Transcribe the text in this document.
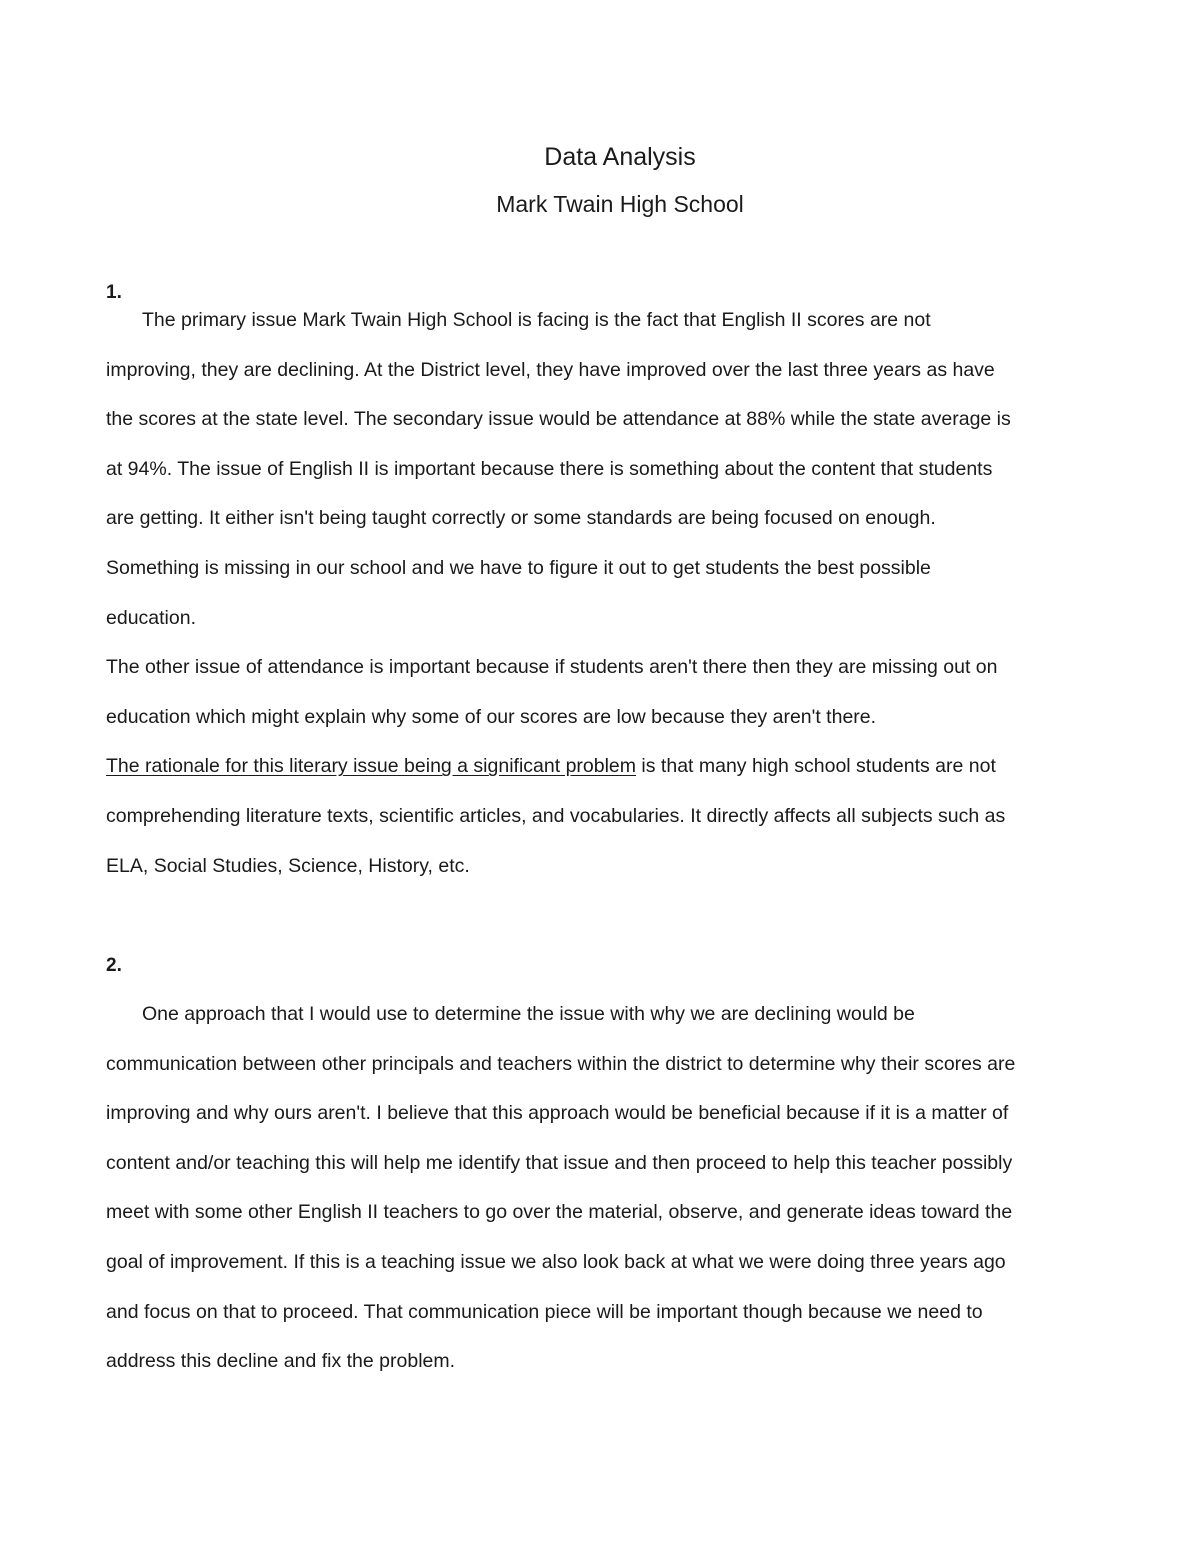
Data Analysis
Mark Twain High School
1.
The primary issue Mark Twain High School is facing is the fact that English II scores are not
improving, they are declining. At the District level, they have improved over the last three years as have
the scores at the state level. The secondary issue would be attendance at 88% while the state average is
at 94%. The issue of English II is important because there is something about the content that students
are getting. It either isn't being taught correctly or some standards are being focused on enough.
Something is missing in our school and we have to figure it out to get students the best possible
education.
The other issue of attendance is important because if students aren't there then they are missing out on
education which might explain why some of our scores are low because they aren't there.
The rationale for this literary issue being a significant problem is that many high school students are not
comprehending literature texts, scientific articles, and vocabularies. It directly affects all subjects such as
ELA, Social Studies, Science, History, etc.
2.
One approach that I would use to determine the issue with why we are declining would be
communication between other principals and teachers within the district to determine why their scores are
improving and why ours aren't. I believe that this approach would be beneficial because if it is a matter of
content and/or teaching this will help me identify that issue and then proceed to help this teacher possibly
meet with some other English II teachers to go over the material, observe, and generate ideas toward the
goal of improvement. If this is a teaching issue we also look back at what we were doing three years ago
and focus on that to proceed. That communication piece will be important though because we need to
address this decline and fix the problem.
